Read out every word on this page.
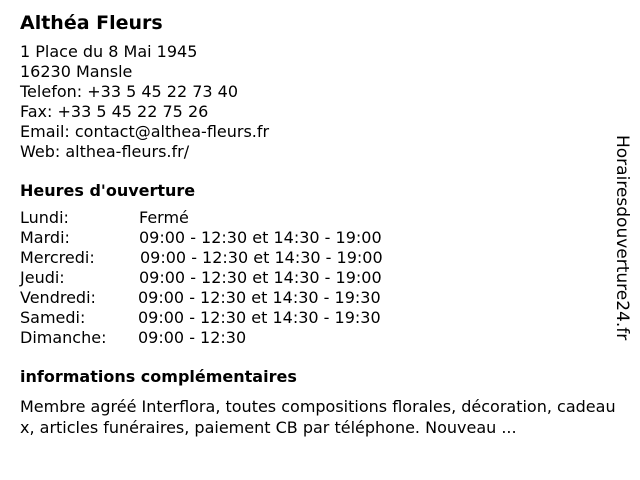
Althéa Fleurs
1 Place du 8 Mai 1945
16230 Mansle
Telefon: +33 5 45 22 73 40
Fax: +33 5 45 22 75 26
Email: contact@althea-fleurs.fr
Web: althea-fleurs.fr/
Heures d'ouverture
Lundi:	Fermé
Mardi:	09:00 - 12:30 et 14:30 - 19:00
Mercredi:	09:00 - 12:30 et 14:30 - 19:00
Jeudi:	09:00 - 12:30 et 14:30 - 19:00
Vendredi:	09:00 - 12:30 et 14:30 - 19:30
Samedi:	09:00 - 12:30 et 14:30 - 19:30
Dimanche: 09:00 - 12:30
informations complémentaires
Membre agréé Interflora, toutes compositions florales, décoration, cadeaux, articles funéraires, paiement CB par téléphone. Nouveau ...
Horairesdouverture24.fr
